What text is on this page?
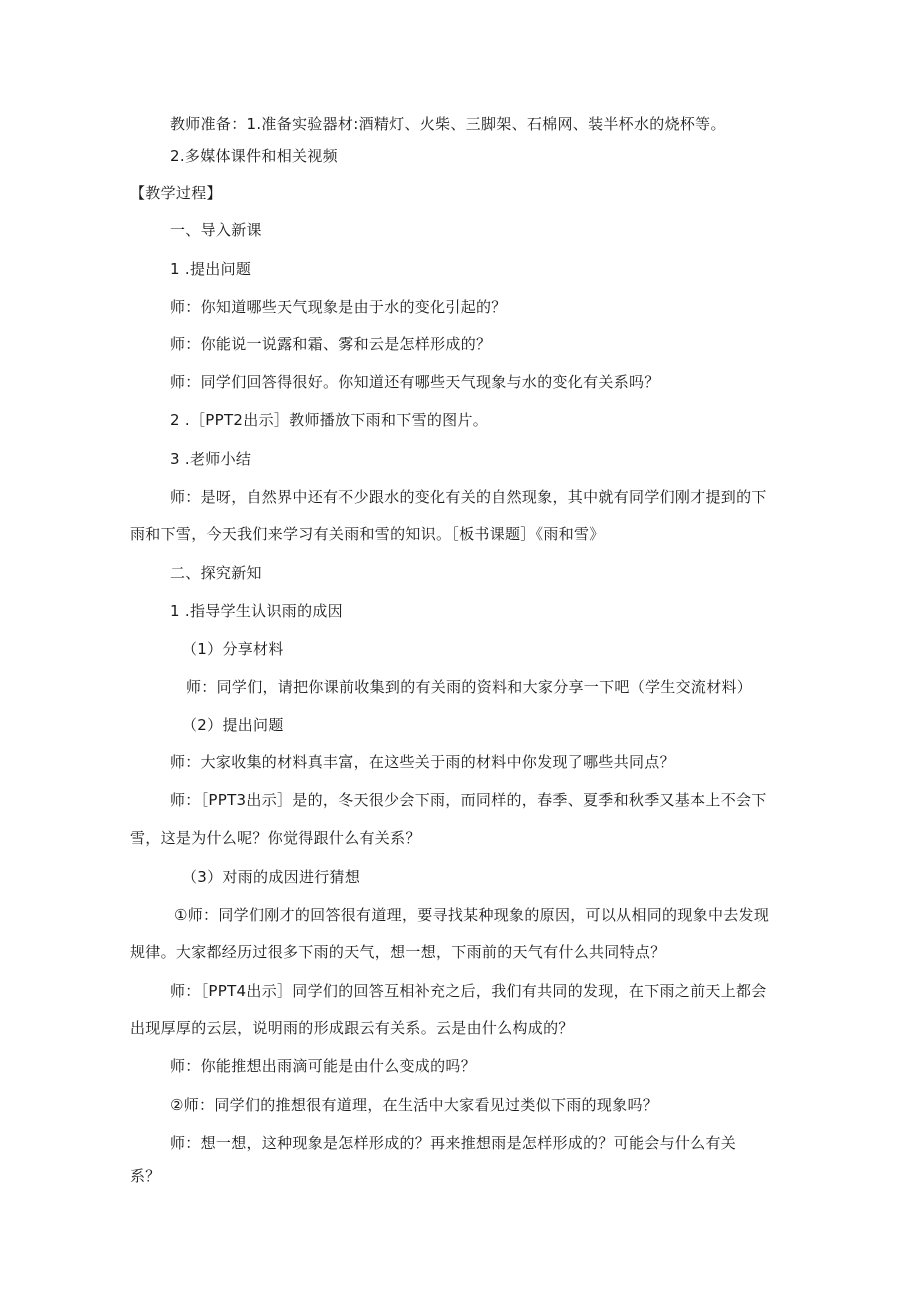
教师准备：1.准备实验器材:酒精灯、火柴、三脚架、石棉网、装半杯水的烧杯等。
2.多媒体课件和相关视频
【教学过程】
一、导入新课
1 .提出问题
师：你知道哪些天气现象是由于水的变化引起的？
师：你能说一说露和霜、雾和云是怎样形成的？
师：同学们回答得很好。你知道还有哪些天气现象与水的变化有关系吗？
2 .［PPT2出示］教师播放下雨和下雪的图片。
3 .老师小结
师：是呀，自然界中还有不少跟水的变化有关的自然现象，其中就有同学们刚才提到的下
雨和下雪，今天我们来学习有关雨和雪的知识。［板书课题］《雨和雪》
二、探究新知
1 .指导学生认识雨的成因
（1）分享材料
师：同学们，请把你课前收集到的有关雨的资料和大家分享一下吧（学生交流材料）
（2）提出问题
师：大家收集的材料真丰富，在这些关于雨的材料中你发现了哪些共同点？
师：［PPT3出示］是的，冬天很少会下雨，而同样的，春季、夏季和秋季又基本上不会下
雪，这是为什么呢？你觉得跟什么有关系？
（3）对雨的成因进行猜想
①师：同学们刚才的回答很有道理，要寻找某种现象的原因，可以从相同的现象中去发现
规律。大家都经历过很多下雨的天气，想一想，下雨前的天气有什么共同特点？
师：［PPT4出示］同学们的回答互相补充之后，我们有共同的发现，在下雨之前天上都会
出现厚厚的云层，说明雨的形成跟云有关系。云是由什么构成的？
师：你能推想出雨滴可能是由什么变成的吗？
②师：同学们的推想很有道理，在生活中大家看见过类似下雨的现象吗？
师：想一想，这种现象是怎样形成的？再来推想雨是怎样形成的？可能会与什么有关
系？
